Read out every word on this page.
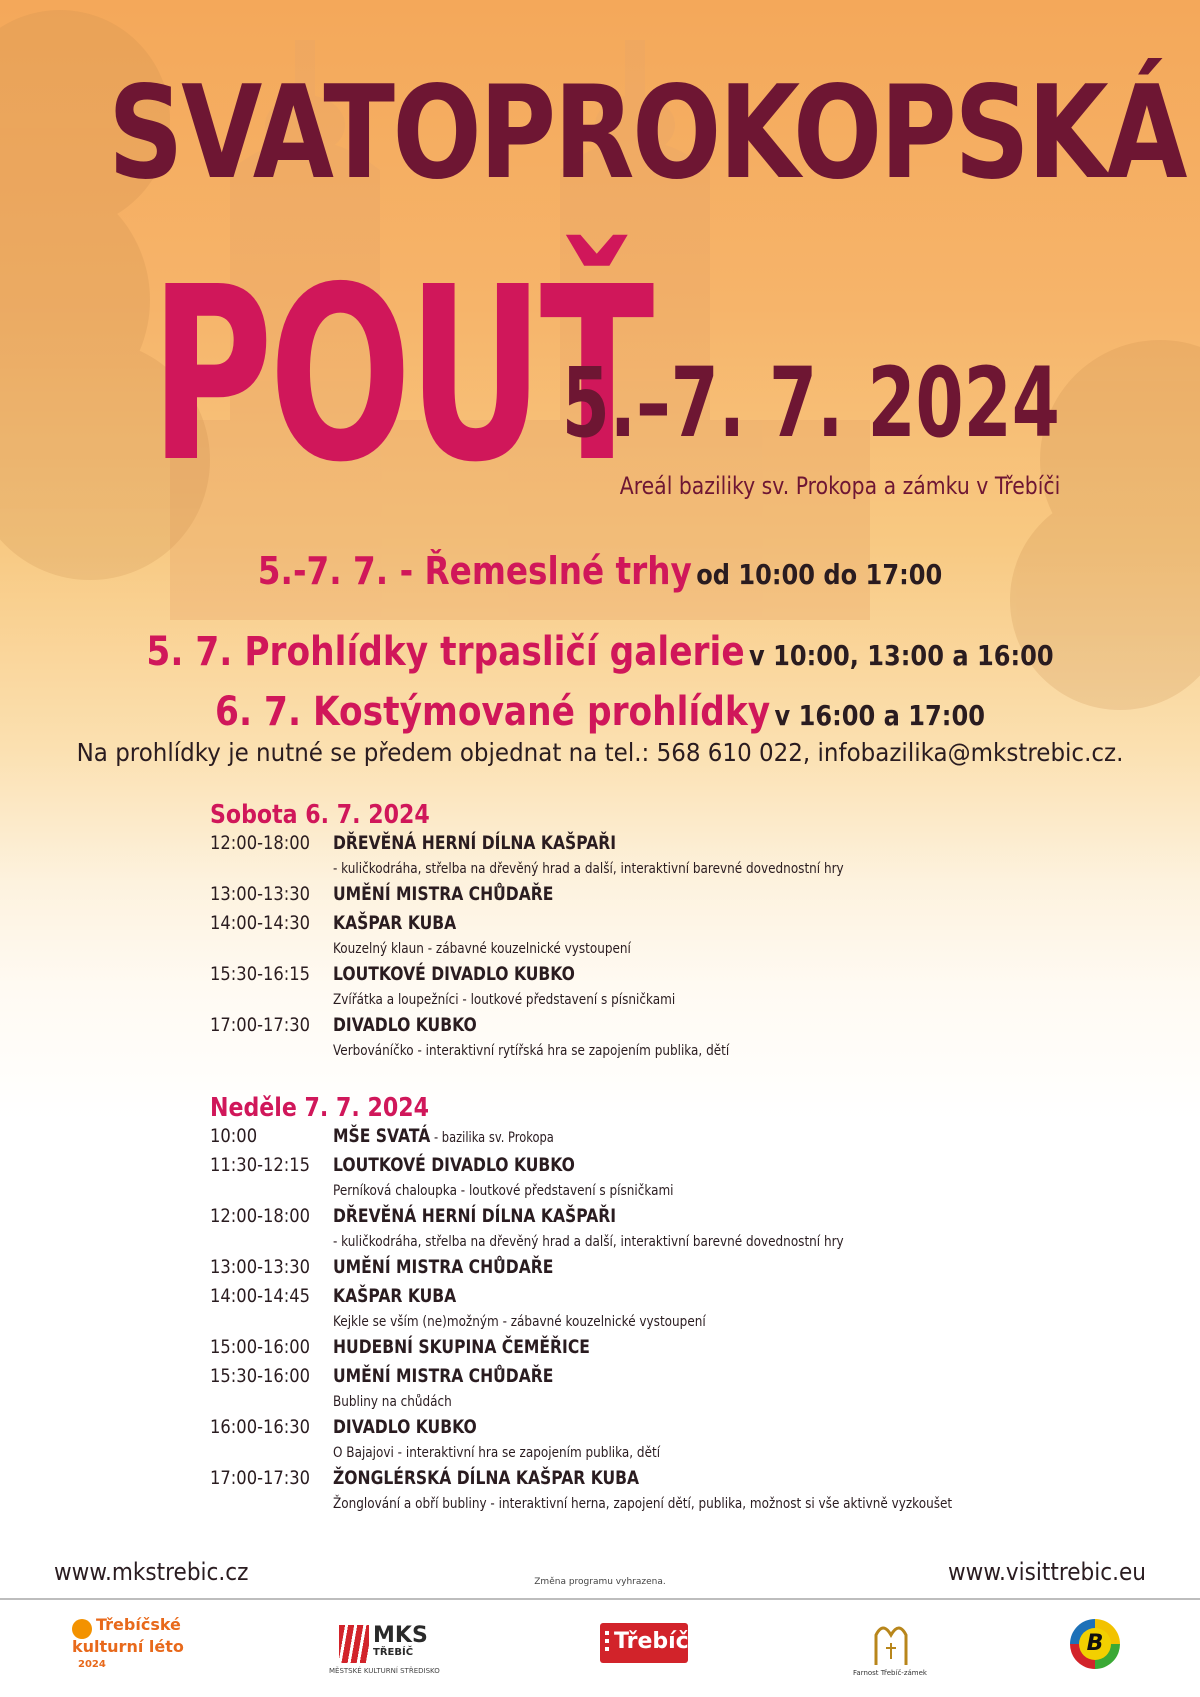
SVATOPROKOPSKÁ
POUŤ
5.–7. 7. 2024
Areál baziliky sv. Prokopa a zámku v Třebíči
5.-7. 7. - Řemeslné trhy od 10:00 do 17:00
5. 7. Prohlídky trpasličí galerie v 10:00, 13:00 a 16:00
6. 7. Kostýmované prohlídky v 16:00 a 17:00
Na prohlídky je nutné se předem objednat na tel.: 568 610 022, infobazilika@mkstrebic.cz.
Sobota 6. 7. 2024
12:00-18:00 DŘEVĚNÁ HERNÍ DÍLNA KAŠPAŘI
- kuličkodráha, střelba na dřevěný hrad a další, interaktivní barevné dovednostní hry
13:00-13:30 UMĚNÍ MISTRA CHŮDAŘE
14:00-14:30 KAŠPAR KUBA
Kouzelný klaun - zábavné kouzelnické vystoupení
15:30-16:15 LOUTKOVÉ DIVADLO KUBKO
Zvířátka a loupežníci - loutkové představení s písničkami
17:00-17:30 DIVADLO KUBKO
Verbováníčko - interaktivní rytířská hra se zapojením publika, dětí
Neděle 7. 7. 2024
10:00	MŠE SVATÁ - bazilika sv. Prokopa
11:30-12:15 LOUTKOVÉ DIVADLO KUBKO
Perníková chaloupka - loutkové představení s písničkami
12:00-18:00 DŘEVĚNÁ HERNÍ DÍLNA KAŠPAŘI
- kuličkodráha, střelba na dřevěný hrad a další, interaktivní barevné dovednostní hry
13:00-13:30 UMĚNÍ MISTRA CHŮDAŘE
14:00-14:45 KAŠPAR KUBA
Kejkle se vším (ne)možným - zábavné kouzelnické vystoupení
15:00-16:00 HUDEBNÍ SKUPINA ČEMĚŘICE
15:30-16:00 UMĚNÍ MISTRA CHŮDAŘE
Bubliny na chůdách
16:00-16:30 DIVADLO KUBKO
O Bajajovi - interaktivní hra se zapojením publika, dětí
17:00-17:30 ŽONGLÉRSKÁ DÍLNA KAŠPAR KUBA
Žonglování a obří bubliny - interaktivní herna, zapojení dětí, publika, možnost si vše aktivně vyzkoušet
www.mkstrebic.cz	Změna programu vyhrazena.	www.visittrebic.eu
Třebíčské
kulturní léto
2024
MKS
TŘEBÍČ
MĚSTSKÉ KULTURNÍ STŘEDISKO
Třebíč
Farnost Třebíč-zámek
B
